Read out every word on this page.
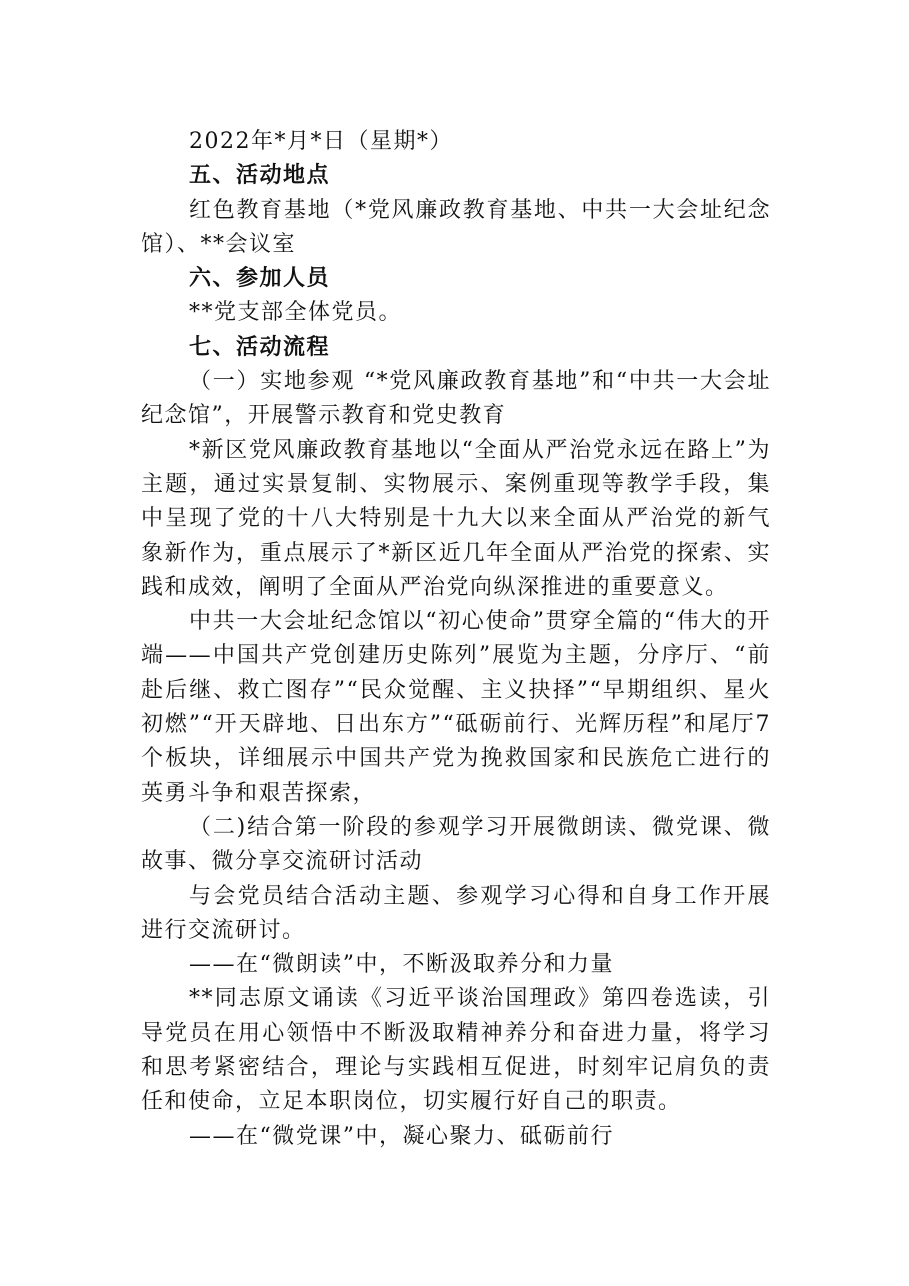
2022年*月*日（星期*）

五、活动地点

红色教育基地（*党风廉政教育基地、中共一大会址纪念馆）、**会议室

六、参加人员

**党支部全体党员。

七、活动流程

（一）实地参观 “*党风廉政教育基地”和“中共一大会址纪念馆”，开展警示教育和党史教育

*新区党风廉政教育基地以“全面从严治党永远在路上”为主题，通过实景复制、实物展示、案例重现等教学手段，集中呈现了党的十八大特别是十九大以来全面从严治党的新气象新作为，重点展示了*新区近几年全面从严治党的探索、实践和成效，阐明了全面从严治党向纵深推进的重要意义。

中共一大会址纪念馆以“初心使命”贯穿全篇的“伟大的开端——中国共产党创建历史陈列”展览为主题，分序厅、“前赴后继、救亡图存”“民众觉醒、主义抉择”“早期组织、星火初燃”“开天辟地、日出东方”“砥砺前行、光辉历程”和尾厅7个板块，详细展示中国共产党为挽救国家和民族危亡进行的英勇斗争和艰苦探索，

（二)结合第一阶段的参观学习开展微朗读、微党课、微故事、微分享交流研讨活动

与会党员结合活动主题、参观学习心得和自身工作开展进行交流研讨。

——在“微朗读”中，不断汲取养分和力量

**同志原文诵读《习近平谈治国理政》第四卷选读，引导党员在用心领悟中不断汲取精神养分和奋进力量，将学习和思考紧密结合，理论与实践相互促进，时刻牢记肩负的责任和使命，立足本职岗位，切实履行好自己的职责。

——在“微党课”中，凝心聚力、砥砺前行
